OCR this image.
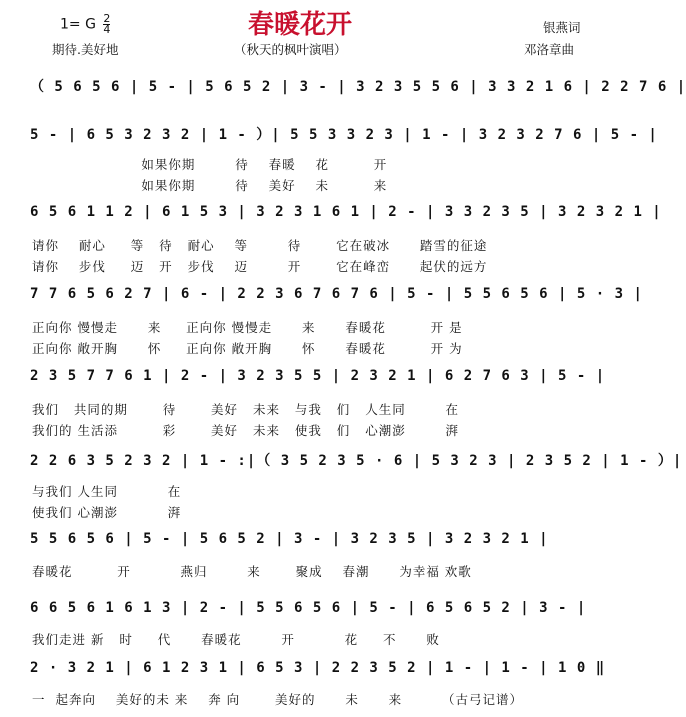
1= G $\frac{2}{4}$	春暖花开	银燕词
期待.美好地	（秋天的枫叶演唱）	邓洛章曲
（ 5 6 5 6 | 5 - | 5 6 5 2 | 3 - | 3 2 3 5 5 6 | 3 3 2 1 6 | 2 2 7 6 |
5 - | 6 5 3 2 3 2 | 1 - ）| 5 5 3 3 2 3 | 1 - | 3 2 3 2 7 6 | 5 - |
如果你期        待    春暖    花         开
如果你期        待    美好    未         来
6 5 6 1 1 2 | 6 1 5 3 | 3 2 3 1 6 1 | 2 - | 3 3 2 3 5 | 3 2 3 2 1 |
请你    耐心     等   待   耐心    等        待       它在破冰      踏雪的征途
请你    步伐     迈   开   步伐    迈        开       它在峰峦      起伏的远方
7 7 6 5 6 2 7 | 6 - | 2 2 3 6 7 6 7 6 | 5 - | 5 5 6 5 6 | 5 · 3 |
正向你 慢慢走      来     正向你 慢慢走      来      春暖花         开 是
正向你 敞开胸      怀     正向你 敞开胸      怀      春暖花         开 为
2 3 5 7 7 6 1 | 2 - | 3 2 3 5 5 | 2 3 2 1 | 6 2 7 6 3 | 5 - |
我们   共同的期       待       美好   未来   与我   们   人生同        在
我们的 生活添         彩       美好   未来   使我   们   心潮澎        湃
2 2 6 3 5 2 3 2 | 1 - :|（ 3 5 2 3 5 · 6 | 5 3 2 3 | 2 3 5 2 | 1 - ）|
与我们 人生同          在
使我们 心潮澎          湃
5 5 6 5 6 | 5 - | 5 6 5 2 | 3 - | 3 2 3 5 | 3 2 3 2 1 |
春暖花         开          燕归        来       聚成    春潮      为幸福 欢歌
6 6 5 6 1 6 1 3 | 2 - | 5 5 6 5 6 | 5 - | 6 5 6 5 2 | 3 - |
我们走进 新   时     代      春暖花        开          花     不      败
2 · 3 2 1 | 6 1 2 3 1 | 6 5 3 | 2 2 3 5 2 | 1 - | 1 - | 1 0 ‖
一  起奔向    美好的未 来    奔 向       美好的      未      来        （古弓记谱）
